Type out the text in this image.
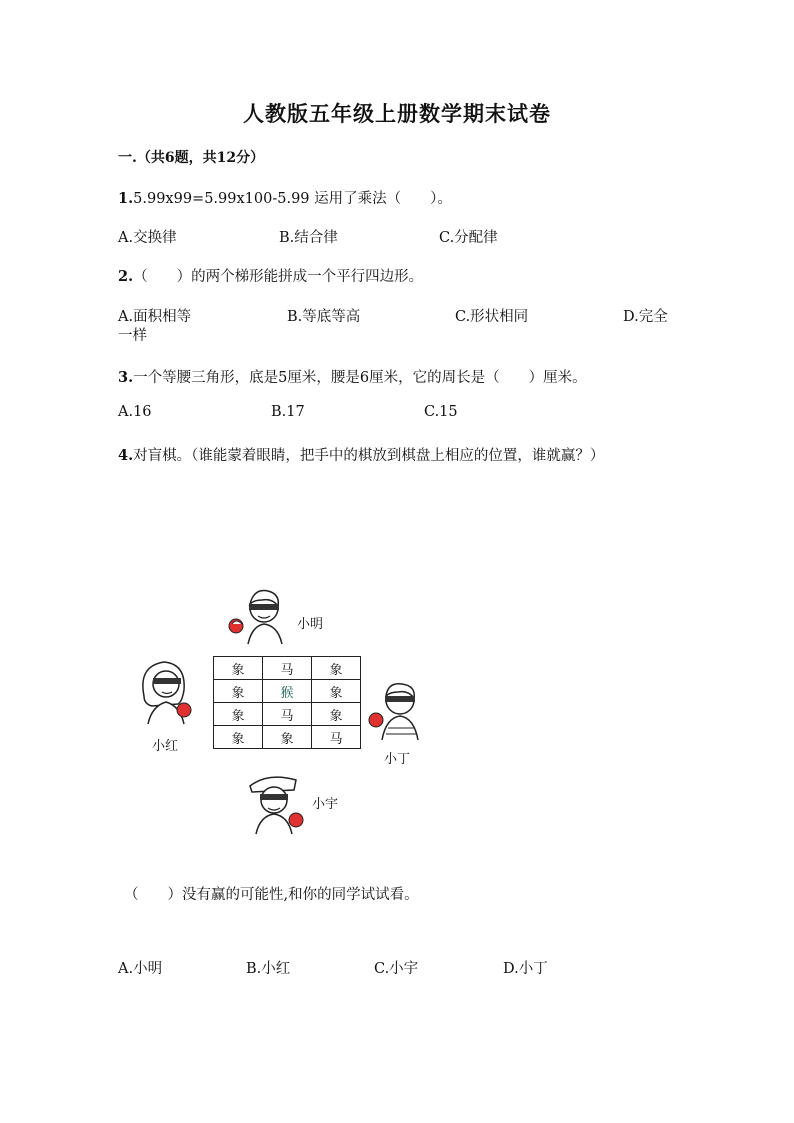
人教版五年级上册数学期末试卷
一.（共6题，共12分）
1.5.99x99=5.99x100-5.99 运用了乘法（　　）。
A.交换律	B.结合律	C.分配律
2.（　　）的两个梯形能拼成一个平行四边形。
A.面积相等	B.等底等高	C.形状相同	D.完全
一样
3.一个等腰三角形，底是5厘米，腰是6厘米，它的周长是（　　）厘米。
A.16	B.17	C.15
4.对盲棋。（谁能蒙着眼睛，把手中的棋放到棋盘上相应的位置，谁就赢？）
小明
小红
小丁
象	马	象
象	猴	象
象	马	象
象	象	马
小宇
（　　）没有赢的可能性,和你的同学试试看。
A.小明	B.小红	C.小宇	D.小丁
